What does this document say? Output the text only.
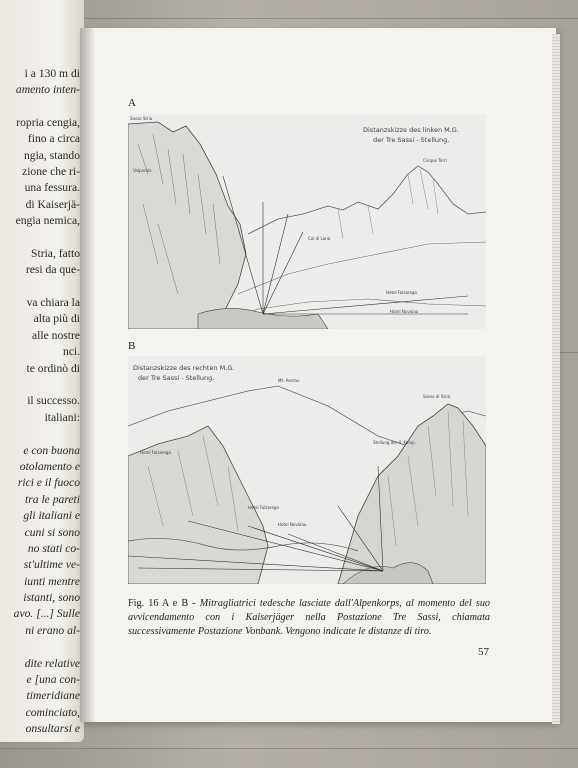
i a 130 m di
amento inten-
ropria cengia,
fino a circa
ngia, stando
zione che ri-
una fessura.
di Kaiserjä-
engia nemica,
Stria, fatto
resi da que-
va chiara la
alta più di
alle nostre
nci.
te ordinò di
il successo.
italiani:
e con buona
otolamento e
rici e il fuoco
tra le pareti
gli italiani e
cuni si sono
no stati co-
st'ultime ve-
iunti mentre
istanti, sono
avo. [...] Sulle
ni erano al-
dite relative
e [una con-
timeridiane
cominciato,
onsultarsi e
A
Distanzskizze des linken M.G.
der Tre Sassi - Stellung.
Sasso Stria
Cinque Torri
Hotel Falzarego
Hotel Nuvolau
Valparola
Col di Lana
B
Distanzskizze des rechten M.G.
der Tre Sassi - Stellung.	Mt. Averau
Hotel Falzarego
Hotel Nuvolau
Sasso di Stria
Stellung der II. Komp.
Hotel Falzarego
Fig. 16 A e B - Mitragliatrici tedesche lasciate dall'Alpenkorps, al momento del suo avvicendamento con i Kaiserjäger nella Postazione Tre Sassi, chiamata successivamente Postazione Vonbank. Vengono indicate le distanze di tiro.
57
